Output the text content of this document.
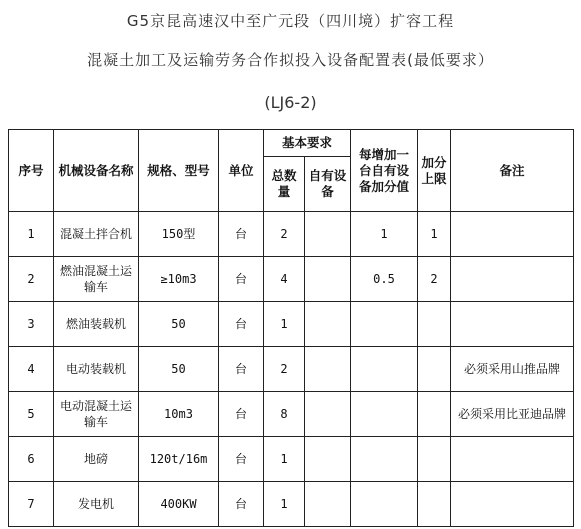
G5京昆高速汉中至广元段（四川境）扩容工程
混凝土加工及运输劳务合作拟投入设备配置表(最低要求）
(LJ6-2)
序号	机械设备名称	规格、型号	单位	基本要求		每增加一台自有设备加分值	加分上限	备注
				总数量	自有设备			
1	混凝土拌合机	150型	台	2		1	1	
2	燃油混凝土运输车	≥10m3	台	4		0.5	2	
3	燃油装载机	50	台	1				
4	电动装载机	50	台	2				必须采用山推品牌
5	电动混凝土运输车	10m3	台	8				必须采用比亚迪品牌
6	地磅	120t/16m	台	1				
7	发电机	400KW	台	1				
